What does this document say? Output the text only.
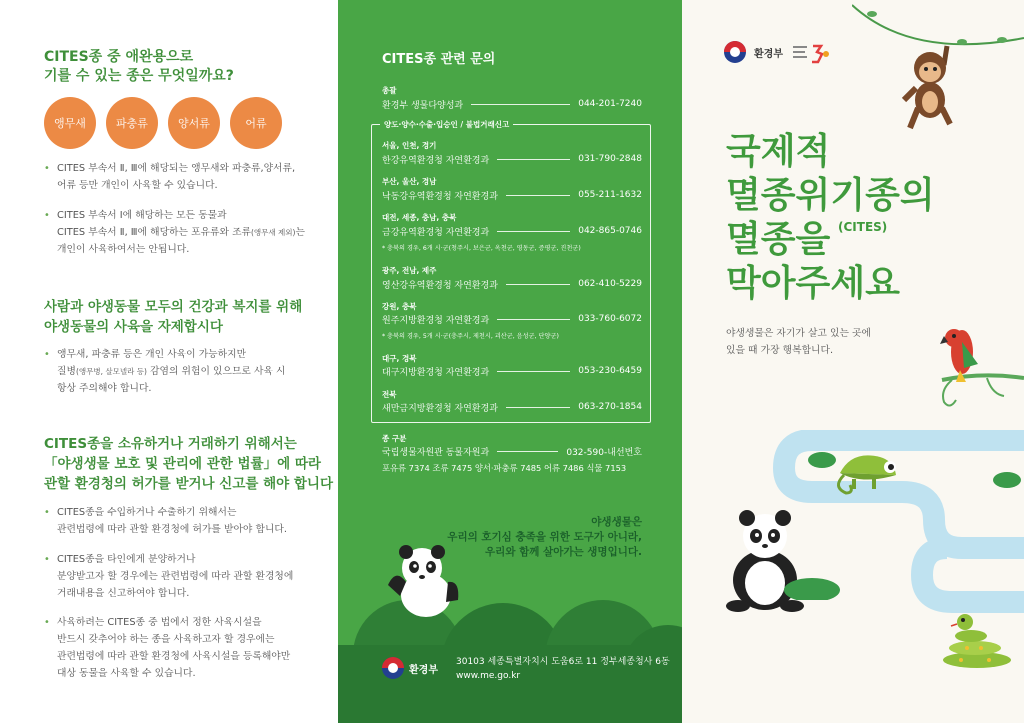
CITES종 중 애완용으로
기를 수 있는 종은 무엇일까요?
앵무새	파충류	양서류	어류
• CITES 부속서 Ⅱ, Ⅲ에 해당되는 앵무새와 파충류,양서류,
어류 등만 개인이 사육할 수 있습니다.
• CITES 부속서 Ⅰ에 해당하는 모든 동물과
CITES 부속서 Ⅱ, Ⅲ에 해당하는 포유류와 조류(앵무새 제외)는
개인이 사육하여서는 안됩니다.
사람과 야생동물 모두의 건강과 복지를 위해
야생동물의 사육을 자제합시다
• 앵무새, 파충류 등은 개인 사육이 가능하지만
질병(앵무병, 살모넬라 등) 감염의 위험이 있으므로 사육 시
항상 주의해야 합니다.
CITES종을 소유하거나 거래하기 위해서는
「야생생물 보호 및 관리에 관한 법률」에 따라
관할 환경청의 허가를 받거나 신고를 해야 합니다
• CITES종을 수입하거나 수출하기 위해서는
관련법령에 따라 관할 환경청에 허가를 받아야 합니다.
• CITES종을 타인에게 분양하거나
분양받고자 할 경우에는 관련법령에 따라 관할 환경청에
거래내용을 신고하여야 합니다.
• 사육하려는 CITES종 중 법에서 정한 사육시설을
반드시 갖추어야 하는 종을 사육하고자 할 경우에는
관련법령에 따라 관할 환경청에 사육시설을 등록해야만
대상 동물을 사육할 수 있습니다.
CITES종 관련 문의
총괄
환경부 생물다양성과	044-201-7240
양도·양수·수출·입승인 / 불법거래신고
서울, 인천, 경기
한강유역환경청 자연환경과	031-790-2848
부산, 울산, 경남
낙동강유역환경청 자연환경과	055-211-1632
대전, 세종, 충남, 충북
금강유역환경청 자연환경과	042-865-0746
* 충북의 경우, 6개 시·군(청주시, 보은군, 옥천군, 영동군, 증평군, 진천군)
광주, 전남, 제주
영산강유역환경청 자연환경과	062-410-5229
강원, 충북
원주지방환경청 자연환경과	033-760-6072
* 충북의 경우, 5개 시·군(충주시, 제천시, 괴산군, 음성군, 단양군)
대구, 경북
대구지방환경청 자연환경과	053-230-6459
전북
새만금지방환경청 자연환경과	063-270-1854
종 구분
국립생물자원관 동물자원과	032-590-내선번호
포유류 7374 조류 7475 양서·파충류 7485 어류 7486 식물 7153
야생생물은
우리의 호기심 충족을 위한 도구가 아니라,
우리와 함께 살아가는 생명입니다.
환경부
30103 세종특별자치시 도움6로 11 정부세종청사 6동
www.me.go.kr
환경부
국제적
멸종위기종의
멸종을
막아주세요
(CITES)
야생생물은 자기가 살고 있는 곳에
있을 때 가장 행복합니다.
